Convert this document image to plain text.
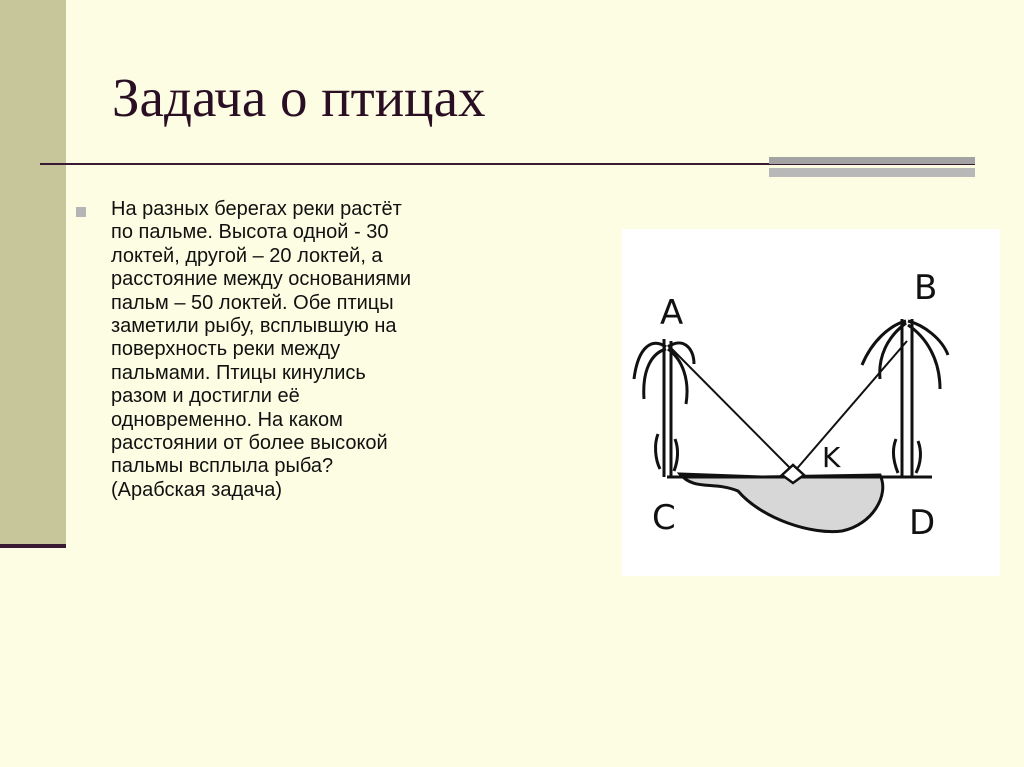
Задача о птицах
На разных берегах реки растёт
по пальме. Высота одной - 30
локтей, другой – 20 локтей, а
расстояние между основаниями
пальм – 50 локтей. Обе птицы
заметили рыбу, всплывшую на
поверхность реки между
пальмами. Птицы кинулись
разом и достигли её
одновременно. На каком
расстоянии от более высокой
пальмы всплыла рыба?
(Арабская задача)
A
B
C	D
K
